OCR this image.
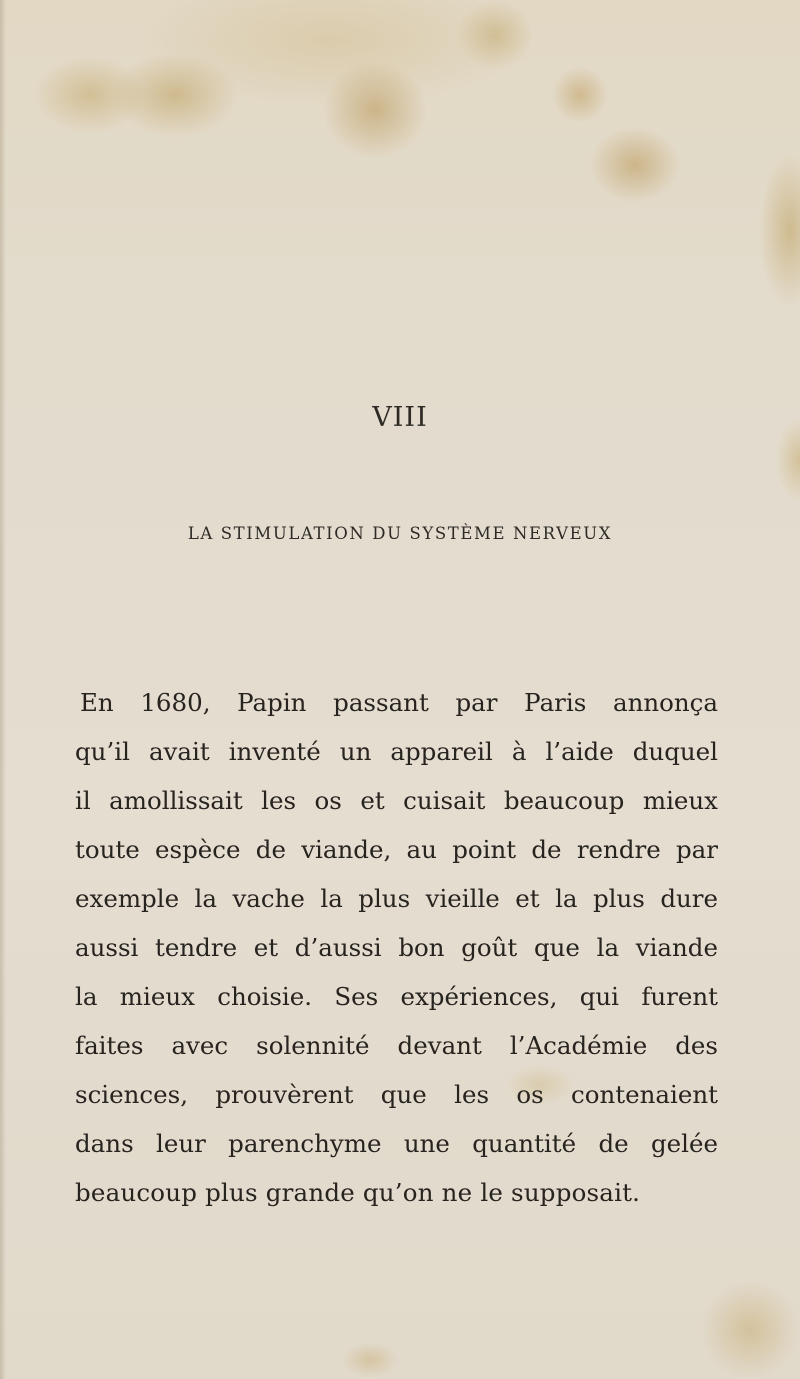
VIII
LA STIMULATION DU SYSTÈME NERVEUX
En 1680, Papin passant par Paris annonça
qu’il avait inventé un appareil à l’aide duquel
il amollissait les os et cuisait beaucoup mieux
toute espèce de viande, au point de rendre par
exemple la vache la plus vieille et la plus dure
aussi tendre et d’aussi bon goût que la viande
la mieux choisie. Ses expériences, qui furent
faites avec solennité devant l’Académie des
sciences, prouvèrent que les os contenaient
dans leur parenchyme une quantité de gelée
beaucoup plus grande qu’on ne le supposait.
